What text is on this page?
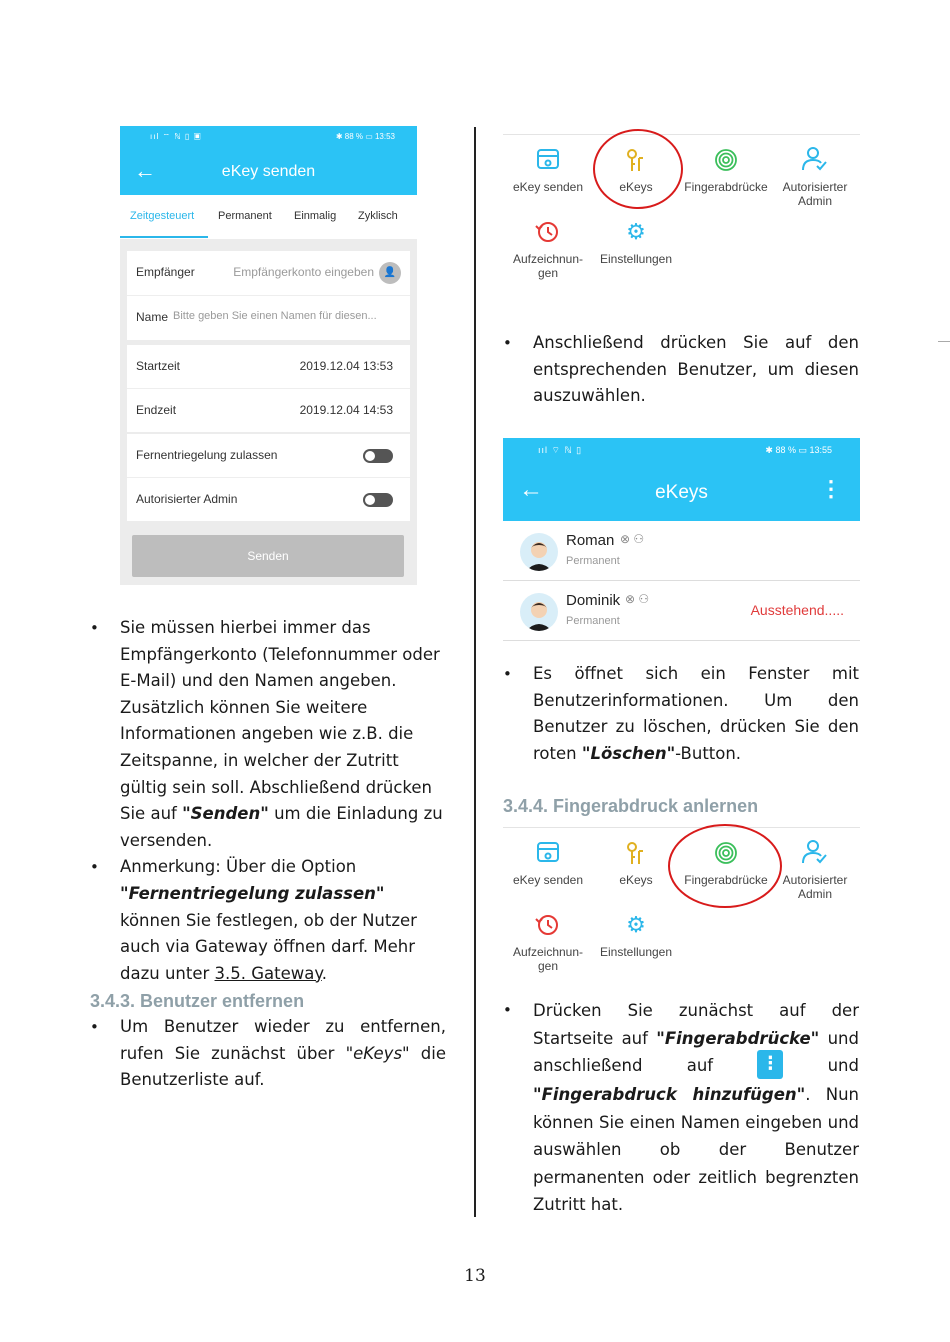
ııl ⌔ ℕ ▯ ▣	✱ 88 % ▭ 13:53
←	eKey senden
Zeitgesteuert Permanent Einmalig Zyklisch
Empfänger	Empfängerkonto eingeben 👤
Name Bitte geben Sie einen Namen für diesen...
Startzeit	2019.12.04 13:53
Endzeit	2019.12.04 14:53
Fernentriegelung zulassen
Autorisierter Admin
Senden
• Sie müssen hierbei immer das Empfängerkonto (Telefonnummer oder E-Mail) und den Namen angeben. Zusätzlich können Sie weitere Informationen angeben wie z.B. die Zeitspanne, in welcher der Zutritt gültig sein soll. Abschließend drücken Sie auf "Senden" um die Einladung zu versenden.
• Anmerkung: Über die Option "Fernentriegelung zulassen" können Sie festlegen, ob der Nutzer auch via Gateway öffnen darf. Mehr dazu unter 3.5. Gateway.
3.4.3. Benutzer entfernen
• Um Benutzer wieder zu entfernen, rufen Sie zunächst über "eKeys" die Benutzerliste auf.
eKey senden	eKeys	Fingerabdrücke	Autorisierter Admin
Aufzeichnun-gen
⚙
Einstellungen
• Anschließend drücken Sie auf den entsprechenden Benutzer, um diesen auszuwählen.
ııl ⌔ ℕ ▯	✱ 88 % ▭ 13:55
←	eKeys	⋮
Roman ⊗ ⚇
Permanent
Dominik ⊗ ⚇
Permanent
Ausstehend.....
• Es öffnet sich ein Fenster mit Benutzerinformationen. Um den Benutzer zu löschen, drücken Sie den roten "Löschen"-Button.
3.4.4. Fingerabdruck anlernen
eKey senden	eKeys	Fingerabdrücke	Autorisierter Admin
Aufzeichnun-gen
⚙
Einstellungen
• Drücken Sie zunächst auf der Startseite auf "Fingerabdrücke" und anschließend auf ⋮ und "Fingerabdruck hinzufügen". Nun können Sie einen Namen eingeben und auswählen ob der Benutzer permanenten oder zeitlich begrenzten Zutritt hat.
13
